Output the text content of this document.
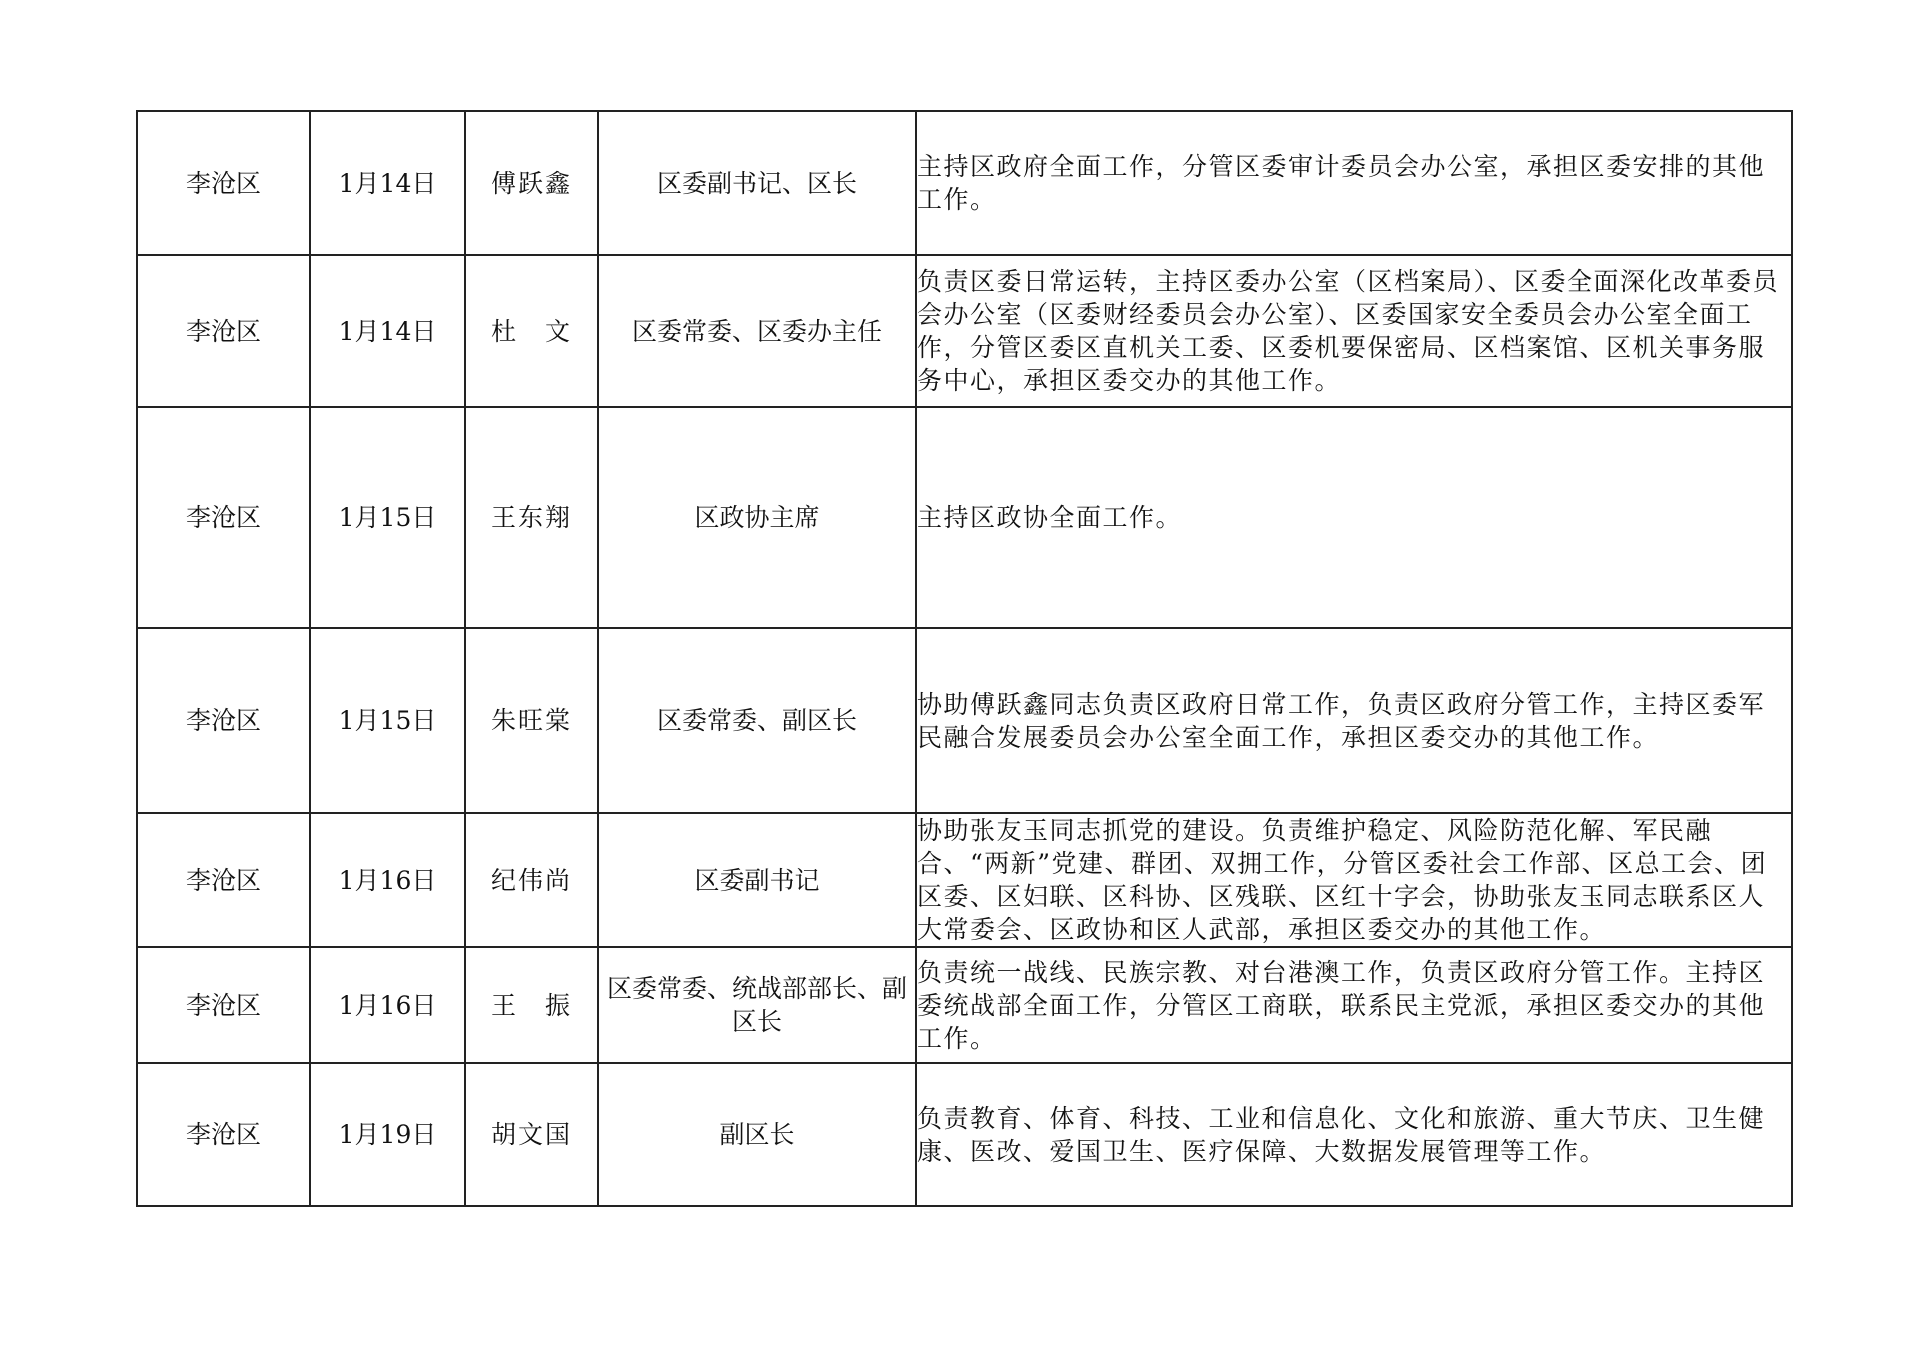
李沧区	1月14日	傅跃鑫	区委副书记、区长	主持区政府全面工作，分管区委审计委员会办公室，承担区委安排的其他工作。
李沧区	1月14日	杜　文	区委常委、区委办主任	负责区委日常运转，主持区委办公室（区档案局）、区委全面深化改革委员会办公室（区委财经委员会办公室）、区委国家安全委员会办公室全面工作，分管区委区直机关工委、区委机要保密局、区档案馆、区机关事务服务中心，承担区委交办的其他工作。
李沧区	1月15日	王东翔	区政协主席	主持区政协全面工作。
李沧区	1月15日	朱旺棠	区委常委、副区长	协助傅跃鑫同志负责区政府日常工作，负责区政府分管工作，主持区委军民融合发展委员会办公室全面工作，承担区委交办的其他工作。
李沧区	1月16日	纪伟尚	区委副书记	协助张友玉同志抓党的建设。负责维护稳定、风险防范化解、军民融合、“两新”党建、群团、双拥工作，分管区委社会工作部、区总工会、团区委、区妇联、区科协、区残联、区红十字会，协助张友玉同志联系区人大常委会、区政协和区人武部，承担区委交办的其他工作。
李沧区	1月16日	王　振	区委常委、统战部部长、副区长	负责统一战线、民族宗教、对台港澳工作，负责区政府分管工作。主持区委统战部全面工作，分管区工商联，联系民主党派，承担区委交办的其他工作。
李沧区	1月19日	胡文国	副区长	负责教育、体育、科技、工业和信息化、文化和旅游、重大节庆、卫生健康、医改、爱国卫生、医疗保障、大数据发展管理等工作。
